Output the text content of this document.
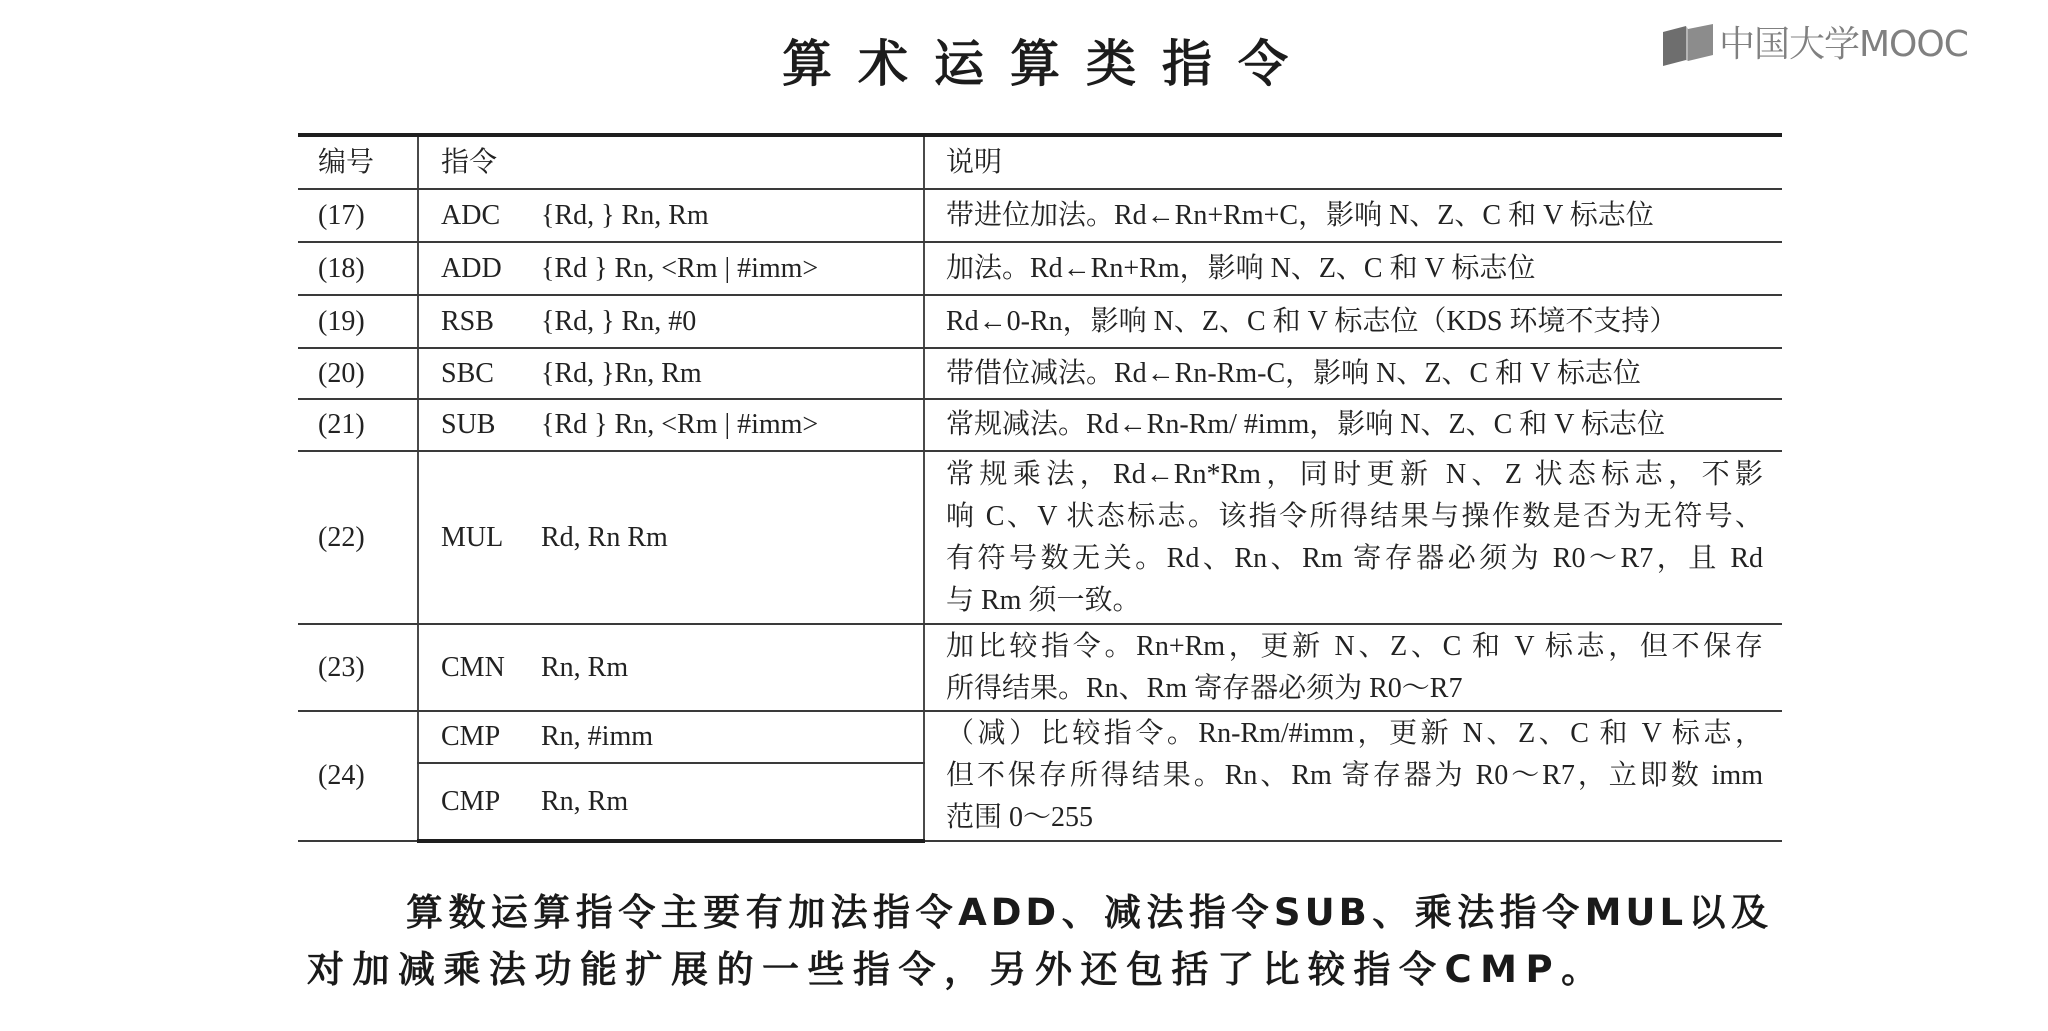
算术运算类指令	中国大学MOOC
编号	指令	说明
(17)	ADC {Rd, } Rn, Rm	带进位加法。Rd←Rn+Rm+C，影响 N、Z、C 和 V 标志位
(18)	ADD {Rd } Rn, <Rm | #imm>	加法。Rd←Rn+Rm，影响 N、Z、C 和 V 标志位
(19)	RSB {Rd, } Rn, #0	Rd←0-Rn，影响 N、Z、C 和 V 标志位（KDS 环境不支持）
(20)	SBC {Rd, }Rn, Rm	带借位减法。Rd←Rn-Rm-C，影响 N、Z、C 和 V 标志位
(21)	SUB {Rd } Rn, <Rm | #imm>	常规减法。Rd←Rn-Rm/ #imm，影响 N、Z、C 和 V 标志位
(22)	MUL Rd, Rn Rm	常规乘法，Rd←Rn*Rm，同时更新 N、Z 状态标志，不影
响 C、V 状态标志。该指令所得结果与操作数是否为无符号、
有符号数无关。Rd、Rn、Rm 寄存器必须为 R0～R7，且 Rd
与 Rm 须一致。

(23)	CMN Rn, Rm	加比较指令。Rn+Rm，更新 N、Z、C 和 V 标志，但不保存
所得结果。Rn、Rm 寄存器必须为 R0～R7

(24)	CMP Rn, #imm	（减）比较指令。Rn-Rm/#imm，更新 N、Z、C 和 V 标志，
但不保存所得结果。Rn、Rm 寄存器为 R0～R7，立即数 imm
范围 0～255

	CMP Rn, Rm	
算数运算指令主要有加法指令ADD、减法指令SUB、乘法指令MUL以及
对加减乘法功能扩展的一些指令，另外还包括了比较指令CMP。
